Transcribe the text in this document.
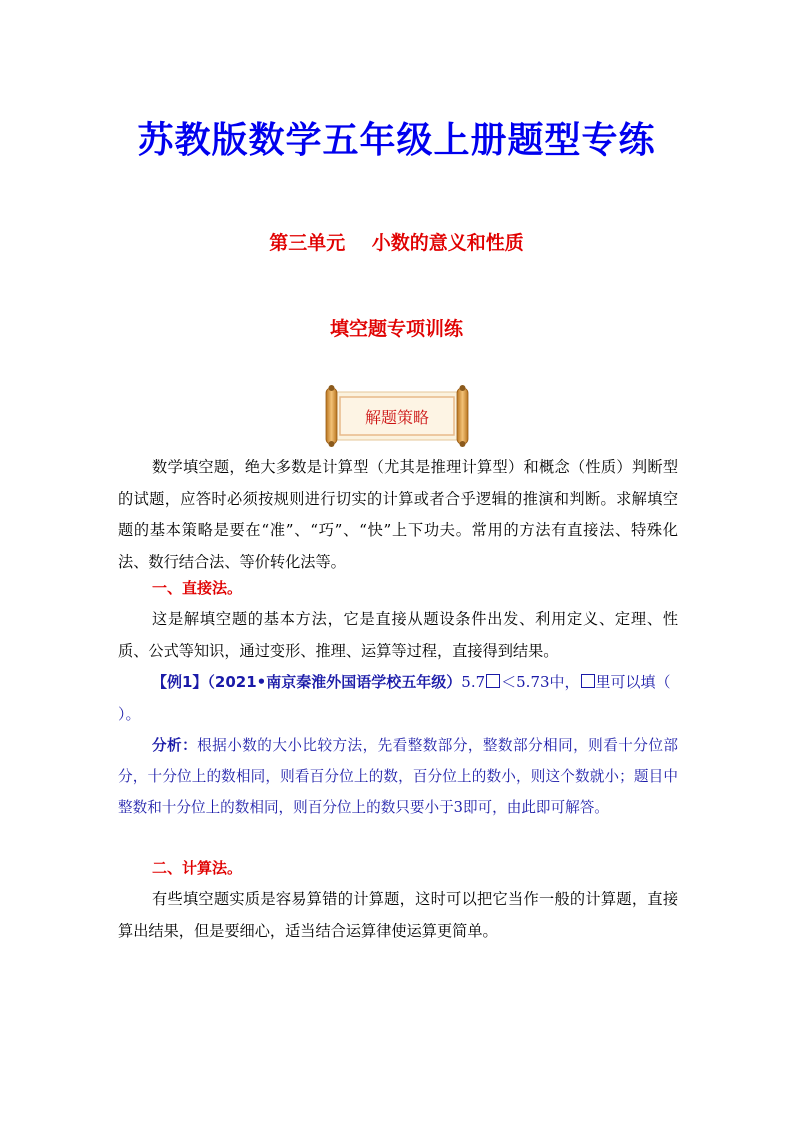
苏教版数学五年级上册题型专练
第三单元    小数的意义和性质
填空题专项训练
解题策略

数学填空题，绝大多数是计算型（尤其是推理计算型）和概念（性质）判断型的试题，应答时必须按规则进行切实的计算或者合乎逻辑的推演和判断。求解填空题的基本策略是要在“准”、“巧”、“快”上下功夫。常用的方法有直接法、特殊化法、数行结合法、等价转化法等。

一、直接法。

这是解填空题的基本方法，它是直接从题设条件出发、利用定义、定理、性质、公式等知识，通过变形、推理、运算等过程，直接得到结果。

【例1】（2021•南京秦淮外国语学校五年级）5.7 ＜5.73中， 里可以填（ ）。

分析：根据小数的大小比较方法，先看整数部分，整数部分相同，则看十分位部分，十分位上的数相同，则看百分位上的数，百分位上的数小，则这个数就小；题目中整数和十分位上的数相同，则百分位上的数只要小于3即可，由此即可解答。

二、计算法。

有些填空题实质是容易算错的计算题，这时可以把它当作一般的计算题，直接算出结果，但是要细心，适当结合运算律使运算更简单。
